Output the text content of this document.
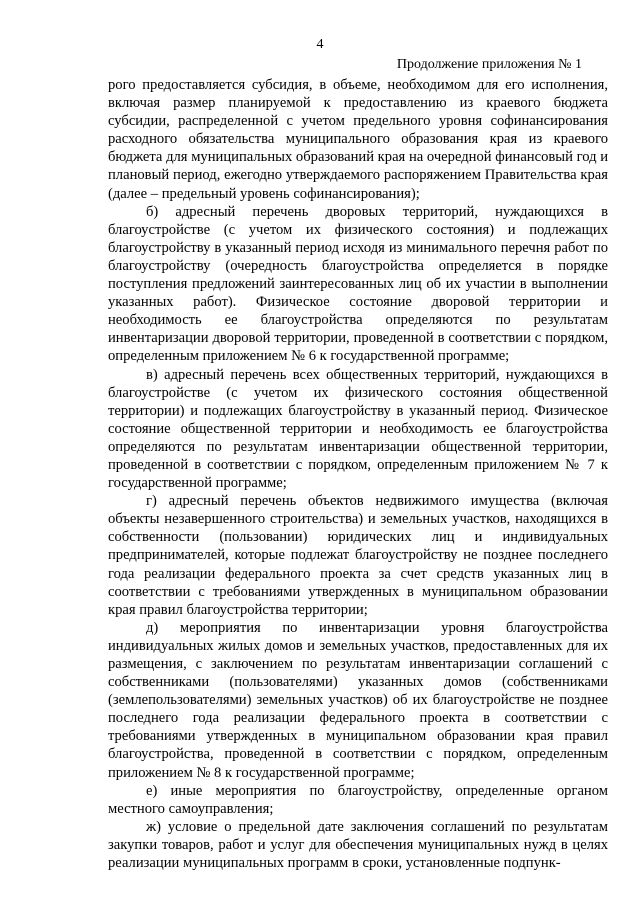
4
Продолжение приложения № 1

рого предоставляется субсидия, в объеме, необходимом для его исполнения, включая размер планируемой к предоставлению из краевого бюджета субсидии, распределенной с учетом предельного уровня софинансирования расходного обязательства муниципального образования края из краевого бюджета для муниципальных образований края на очередной финансовый год и плановый период, ежегодно утверждаемого распоряжением Правительства края (далее – предельный уровень софинансирования);

б) адресный перечень дворовых территорий, нуждающихся в благоустройстве (с учетом их физического состояния) и подлежащих благоустройству в указанный период исходя из минимального перечня работ по благоустройству (очередность благоустройства определяется в порядке поступления предложений заинтересованных лиц об их участии в выполнении указанных работ). Физическое состояние дворовой территории и необходимость ее благоустройства определяются по результатам инвентаризации дворовой территории, проведенной в соответствии с порядком, определенным приложением № 6 к государственной программе;

в) адресный перечень всех общественных территорий, нуждающихся в благоустройстве (с учетом их физического состояния общественной территории) и подлежащих благоустройству в указанный период. Физическое состояние общественной территории и необходимость ее благоустройства определяются по результатам инвентаризации общественной территории, проведенной в соответствии с порядком, определенным приложением № 7 к государственной программе;

г) адресный перечень объектов недвижимого имущества (включая объекты незавершенного строительства) и земельных участков, находящихся в собственности (пользовании) юридических лиц и индивидуальных предпринимателей, которые подлежат благоустройству не позднее последнего года реализации федерального проекта за счет средств указанных лиц в соответствии с требованиями утвержденных в муниципальном образовании края правил благоустройства территории;

д) мероприятия по инвентаризации уровня благоустройства индивидуальных жилых домов и земельных участков, предоставленных для их размещения, с заключением по результатам инвентаризации соглашений с собственниками (пользователями) указанных домов (собственниками (землепользователями) земельных участков) об их благоустройстве не позднее последнего года реализации федерального проекта в соответствии с требованиями утвержденных в муниципальном образовании края правил благоустройства, проведенной в соответствии с порядком, определенным приложением № 8 к государственной программе;

е) иные мероприятия по благоустройству, определенные органом местного самоуправления;

ж) условие о предельной дате заключения соглашений по результатам закупки товаров, работ и услуг для обеспечения муниципальных нужд в целях реализации муниципальных программ в сроки, установленные подпунк-
